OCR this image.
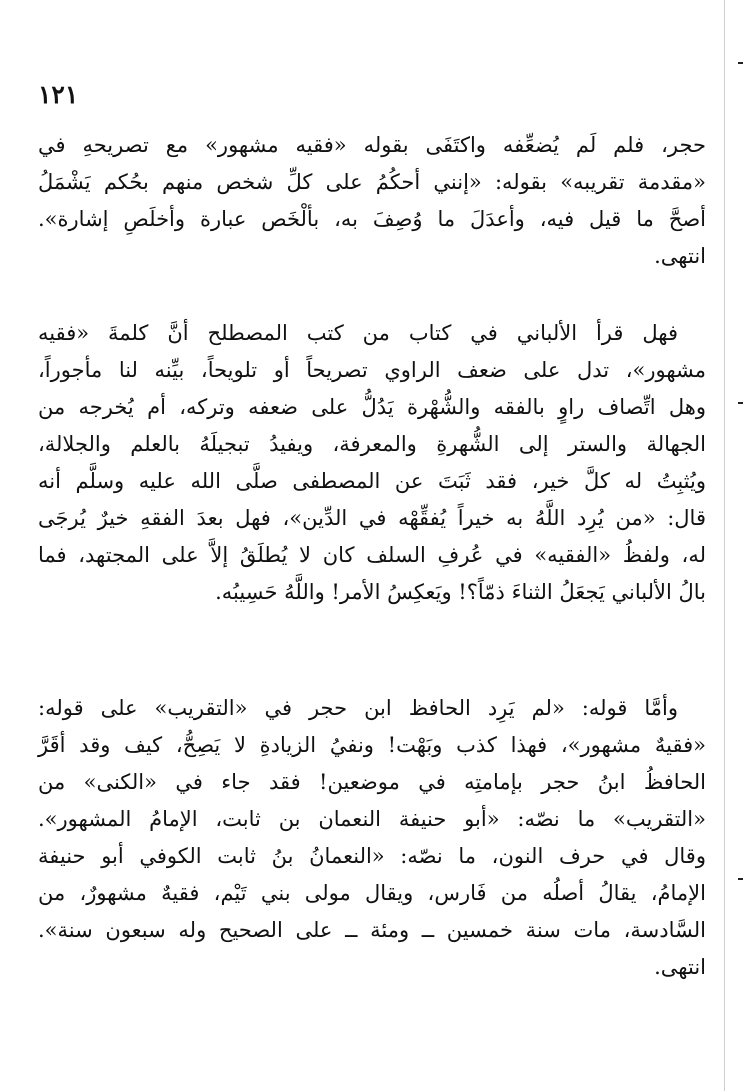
١٢١
حجر، فلم لَم يُضعِّفه واكتَفَى بقوله «فقيه مشهور» مع تصريحهِ في
«مقدمة تقريبه» بقوله: «إنني أحكُمُ على كلِّ شخص منهم بحُكم يَشْمَلُ
أصحَّ ما قيل فيه، وأعدَلَ ما وُصِفَ به، بألْخَص عبارة وأخلَصِ إشارة».
انتهى.
فهل قرأ الألباني في كتاب من كتب المصطلح أنَّ كلمةَ «فقيه
مشهور»، تدل على ضعف الراوي تصريحاً أو تلويحاً، بيِّنه لنا مأجوراً،
وهل اتِّصاف راوٍ بالفقه والشُّهْرة يَدُلُّ على ضعفه وتركه، أم يُخرجه من
الجهالة والستر إلى الشُّهرةِ والمعرفة، ويفيدُ تبجيلَهُ بالعلم والجلالة،
ويُثبِتُ له كلَّ خير، فقد ثَبَتَ عن المصطفى صلَّى الله عليه وسلَّم أنه
قال: «من يُرِد اللَّهُ به خيراً يُفقِّهْه في الدِّين»، فهل بعدَ الفقهِ خيرٌ يُرجَى
له، ولفظُ «الفقيه» في عُرفِ السلف كان لا يُطلَقُ إلاَّ على المجتهد، فما
بالُ الألباني يَجعَلُ الثناءَ ذمّاً؟! ويَعكِسُ الأمر! واللَّهُ حَسِيبُه.
وأمَّا قوله: «لم يَرِد الحافظ ابن حجر في «التقريب» على قوله:
«فقيهٌ مشهور»، فهذا كذب وبَهْت! ونفيُ الزيادةِ لا يَصِحُّ، كيف وقد أقَرَّ
الحافظُ ابنُ حجر بإمامتِه في موضعين! فقد جاء في «الكنى» من
«التقريب» ما نصّه: «أبو حنيفة النعمان بن ثابت، الإمامُ المشهور».
وقال في حرف النون، ما نصّه: «النعمانُ بنُ ثابت الكوفي أبو حنيفة
الإمامُ، يقالُ أصلُه من فَارس، ويقال مولى بني تَيْم، فقيهٌ مشهورٌ، من
السَّادسة، مات سنة خمسين ــ ومئة ــ على الصحيح وله سبعون سنة».
انتهى.
